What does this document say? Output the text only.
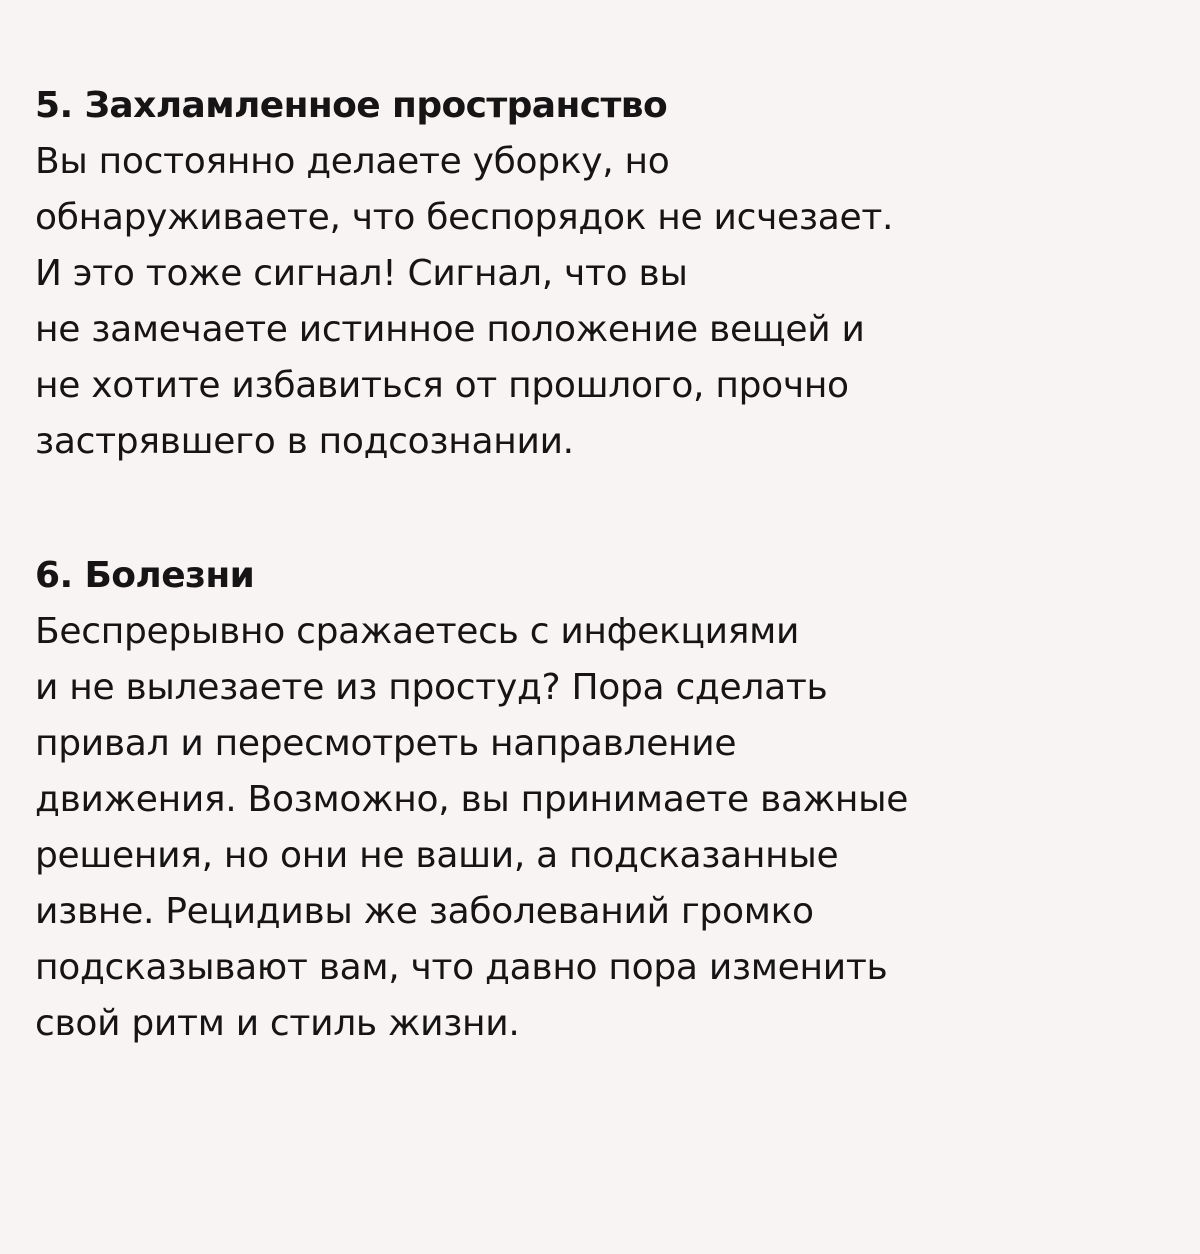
5. Захламленное пространство
Вы постоянно делаете уборку, но
обнаруживаете, что беспорядок не исчезает.
И это тоже сигнал! Сигнал, что вы
не замечаете истинное положение вещей и
не хотите избавиться от прошлого, прочно
застрявшего в подсознании.
6. Болезни
Беспрерывно сражаетесь с инфекциями
и не вылезаете из простуд? Пора сделать
привал и пересмотреть направление
движения. Возможно, вы принимаете важные
решения, но они не ваши, а подсказанные
извне. Рецидивы же заболеваний громко
подсказывают вам, что давно пора изменить
свой ритм и стиль жизни.
